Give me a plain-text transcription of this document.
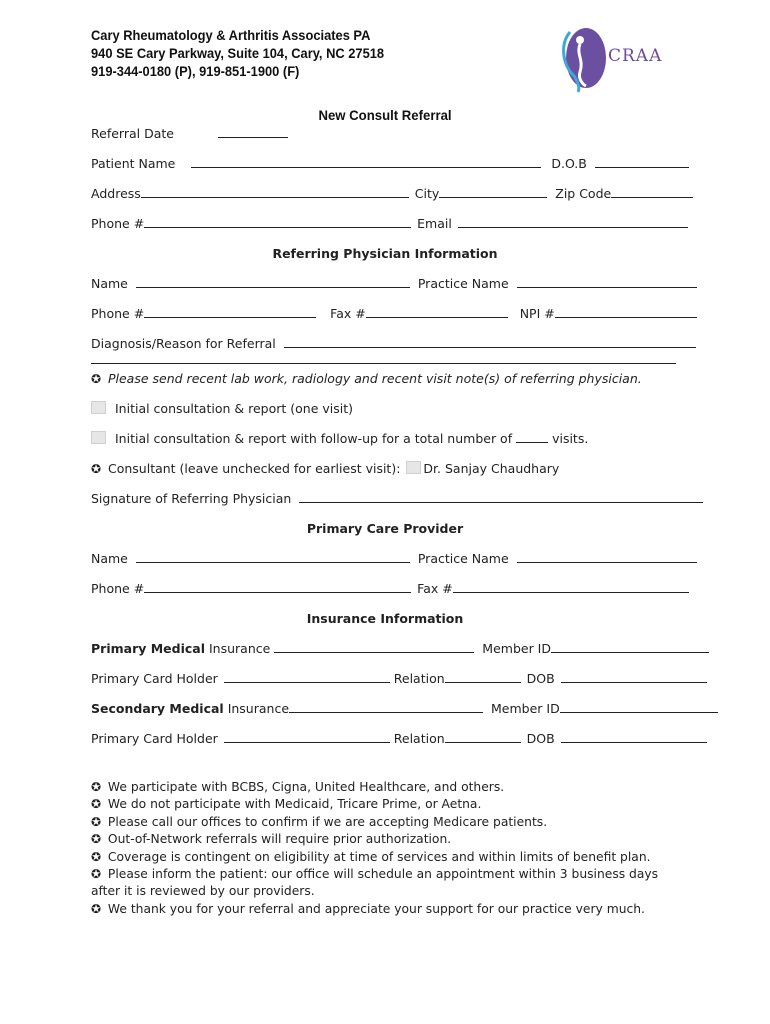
Cary Rheumatology & Arthritis Associates PA
940 SE Cary Parkway, Suite 104, Cary, NC 27518
919-344-0180 (P), 919-851-1900 (F)
CRAA
New Consult Referral
Referral Date
Patient Name	D.O.B
Address	City	Zip Code
Phone #	Email
Referring Physician Information
Name	Practice Name
Phone #	Fax #	NPI #
Diagnosis/Reason for Referral
✪ Please send recent lab work, radiology and recent visit note(s) of referring physician.
Initial consultation & report (one visit)
Initial consultation & report with follow-up for a total number of	visits.
✪ Consultant (leave unchecked for earliest visit): Dr. Sanjay Chaudhary
Signature of Referring Physician
Primary Care Provider
Name	Practice Name
Phone #	Fax #
Insurance Information
Primary Medical Insurance	Member ID
Primary Card Holder	Relation	DOB
Secondary Medical Insurance	Member ID
Primary Card Holder	Relation	DOB
✪ We participate with BCBS, Cigna, United Healthcare, and others.
✪ We do not participate with Medicaid, Tricare Prime, or Aetna.
✪ Please call our offices to confirm if we are accepting Medicare patients.
✪ Out-of-Network referrals will require prior authorization.
✪ Coverage is contingent on eligibility at time of services and within limits of benefit plan.
✪ Please inform the patient: our office will schedule an appointment within 3 business days after it is reviewed by our providers.
✪ We thank you for your referral and appreciate your support for our practice very much.
